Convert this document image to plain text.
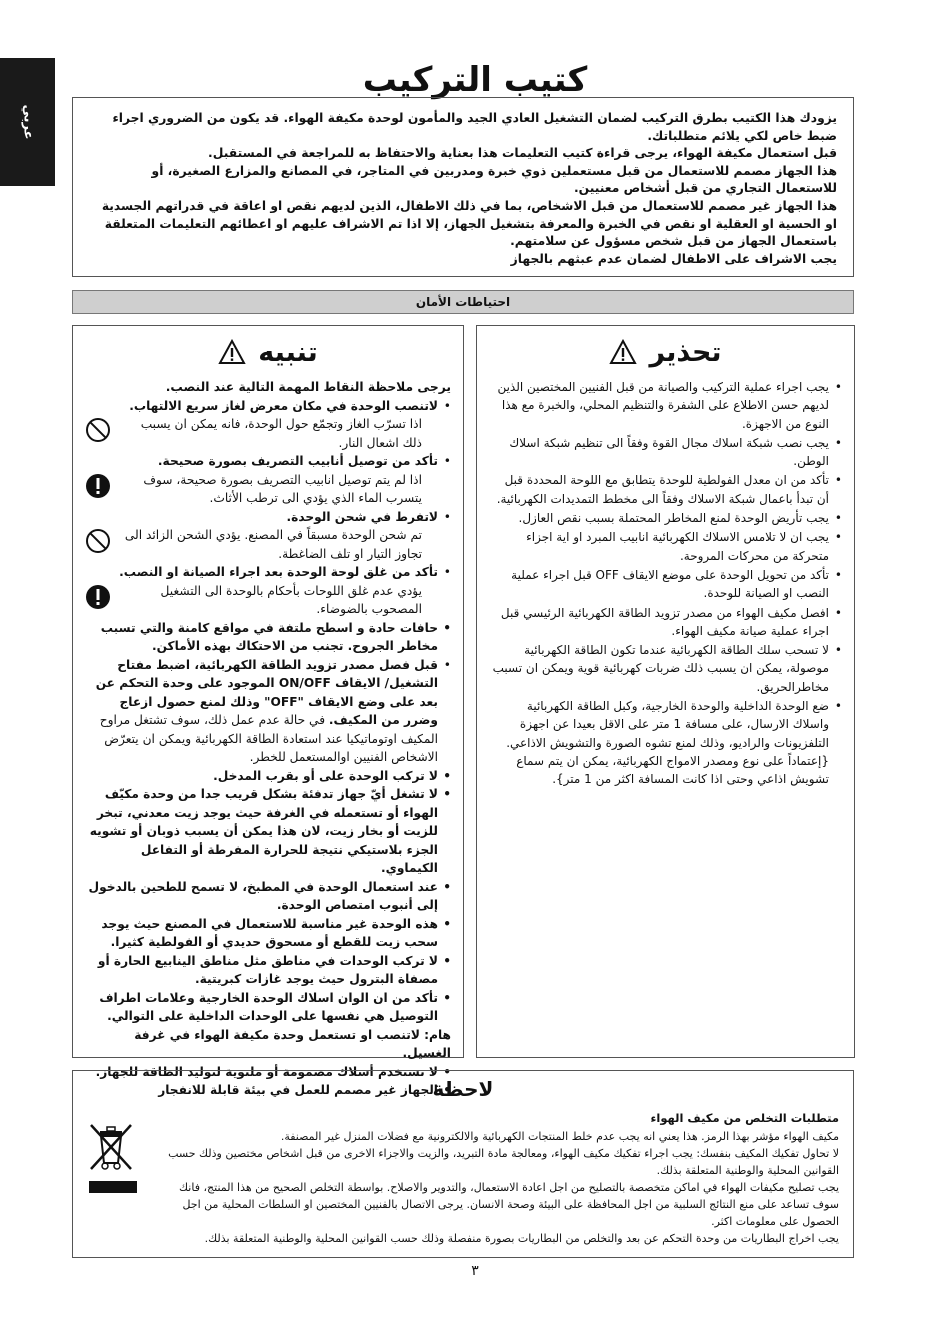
عربي
كتيب التركيب

يزودك هذا الكتيب بطرق التركيب لضمان التشغيل العادي الجيد والمأمون لوحدة مكيفة الهواء. قد يكون من الضروري اجراء ضبط خاص لكي يلائم متطلباتك.

قبل استعمال مكيفة الهواء، يرجى قراءة كتيب التعليمات هذا بعناية والاحتفاظ به للمراجعة في المستقبل.

هذا الجهاز مصمم للاستعمال من قبل مستعملين ذوي خبرة ومدربين في المتاجر، في المصانع والمزارع الصغيرة، أو للاستعمال التجاري من قبل أشخاص معنيين.

هذا الجهاز غير مصمم للاستعمال من قبل الاشخاص، بما في ذلك الاطفال، الذين لديهم نقص او اعاقة في قدراتهم الجسدية او الحسية او العقلية او نقص في الخبرة والمعرفة بتشغيل الجهاز، إلا اذا تم الاشراف عليهم او اعطائهم التعليمات المتعلقة باستعمال الجهاز من قبل شخص مسؤول عن سلامتهم.

يجب الاشراف على الاطفال لضمان عدم عبثهم بالجهاز

احتياطات الأمان
تحذير
• يجب اجراء عملية التركيب والصيانة من قبل الفنيين المختصين الذين لديهم حسن الاطلاع على الشفرة والتنظيم المحلي، والخبرة مع هذا النوع من الاجهزة.
• يجب نصب شبكة اسلاك مجال القوة وفقاً الى تنظيم شبكة اسلاك الوطن.
• تأكد من ان معدل الفولطية للوحدة يتطابق مع اللوحة المحددة قبل أن تبدأ باعمال شبكة الاسلاك وفقاً الى مخطط التمديدات الكهربائية.
• يجب تأريض الوحدة لمنع المخاطر المحتملة بسبب نقص العازل.
• يجب ان لا تلامس الاسلاك الكهربائية انابيب المبرد او اية اجزاء متحركة من محركات المروحة.
• تأكد من تحويل الوحدة على موضع الايقاف OFF قبل اجراء عملية النصب او الصيانة للوحدة.
• افصل مكيف الهواء من مصدر تزويد الطاقة الكهربائية الرئيسي قبل اجراء عملية صيانة مكيف الهواء.
• لا تسحب سلك الطاقة الكهربائية عندما تكون الطاقة الكهربائية موصولة، يمكن ان يسبب ذلك ضربات كهربائية قوية ويمكن ان تسبب مخاطرالحريق.
• ضع الوحدة الداخلية والوحدة الخارجية، وكبل الطاقة الكهربائية واسلاك الارسال، على مسافة 1 متر على الاقل بعيدا عن اجهزة التلفزيونات والراديو، وذلك لمنع تشوه الصورة والتشويش الاذاعي. {إعتماداً على نوع ومصدر الامواج الكهربائية، يمكن ان يتم سماع تشويش اذاعي وحتى اذا كانت المسافة اكثر من 1 متر}.
تنبيه

يرجى ملاحظة النقاط المهمة التالية عند النصب.

• لاتنصب الوحدة في مكان معرض لغاز سريع الالتهاب.
اذا تسرّب الغاز وتجمّع حول الوحدة، فانه يمكن ان يسبب ذلك اشعال النار.
• تأكد من توصيل أنابيب التصريف بصورة صحيحة.
اذا لم يتم توصيل انابيب التصريف بصورة صحيحة، سوف يتسرب الماء الذي يؤدي الى ترطب الأثاث.
• لاتفرط في شحن الوحدة.
تم شحن الوحدة مسبقاً في المصنع. يؤدي الشحن الزائد الى تجاوز التيار او تلف الضاغطة.
• تأكد من غلق لوحة الوحدة بعد اجراء الصيانة او النصب.
يؤدي عدم غلق اللوحات بأحكام بالوحدة الى التشغيل المصحوب بالضوضاء.
• حافات حادة و اسطح ملتفة في مواقع كامنة والتي تسبب مخاطر الجروح. تجنب من الاحتكاك بهذه الأماكن.
• قبل فصل مصدر تزويد الطاقة الكهربائية، اضبط مفتاح التشغيل/ الايقاف ON/OFF الموجود على وحدة التحكم عن بعد على وضع الايقاف "OFF" وذلك لمنع حصول ازعاج وضرر من المكيف. في حالة عدم عمل ذلك، سوف تشتغل مراوح المكيف اوتوماتيكيا عند استعادة الطاقة الكهربائية ويمكن ان يتعرّض الاشخاص الفنيين اوالمستعمل للخطر.
• لا تركب الوحدة على أو بقرب المدخل.
• لا تشغل أيّ جهاز تدفئة بشكل قريب جدا من وحدة مكيّف الهواء أو تستعمله في الغرفة حيث يوجد زيت معدني، تبخر للزيت أو بخار زيت، لان هذا يمكن أن يسبب ذوبان أو تشويه الجزء بلاستيكي نتيجة للحرارة المفرطة أو التفاعل الكيماوي.
• عند استعمال الوحدة في المطبخ، لا تسمح للطحين بالدخول إلى أنبوب امتصاص الوحدة.
• هذه الوحدة غير مناسبة للاستعمال في المصنع حيث يوجد سحب زيت للقطع أو مسحوق حديدي أو الفولطية كثيرا.
• لا تركب الوحدات في مناطق مثل مناطق الينابيع الحارة أو مصفاة البترول حيث يوجد غازات كبريتية.
• تأكد من ان الوان اسلاك الوحدة الخارجية وعلامات اطراف التوصيل هي نفسها على الوحدات الداخلية على التوالي.
هام: لاتنصب او تستعمل وحدة مكيفة الهواء في غرفة الغسيل.
• لا تستخدم أسلاك مضمومة أو ملتوية لتوليد الطاقة للجهاز.
• الجهاز غير مصمم للعمل في بيئة قابلة للانفجار
لاحظة
متطلبات التخلص من مكيف الهواء

مكيف الهواء مؤشر بهذا الرمز. هذا يعني انه يجب عدم خلط المنتجات الكهربائية والالكترونية مع فضلات المنزل غير المصنفة.

لا تحاول تفكيك المكيف بنفسك: يجب اجراء تفكيك مكيف الهواء، ومعالجة مادة التبريد، والزيت والاجزاء الاخرى من قبل اشخاص مختصين وذلك حسب القوانين المحلية والوطنية المتعلقة بذلك.

يجب تصليح مكيفات الهواء في اماكن متخصصة بالتصليح من اجل اعادة الاستعمال، والتدوير والاصلاح. بواسطة التخلص الصحيح من هذا المنتج، فانك سوف تساعد على منع النتائج السلبية من اجل المحافظة على البيئة وصحة الانسان. يرجى الاتصال بالفنيين المختصين او السلطات المحلية من اجل الحصول على معلومات اكثر.

يجب اخراج البطاريات من وحدة التحكم عن بعد والتخلص من البطاريات بصورة منفصلة وذلك حسب القوانين المحلية والوطنية المتعلقة بذلك.

٣
